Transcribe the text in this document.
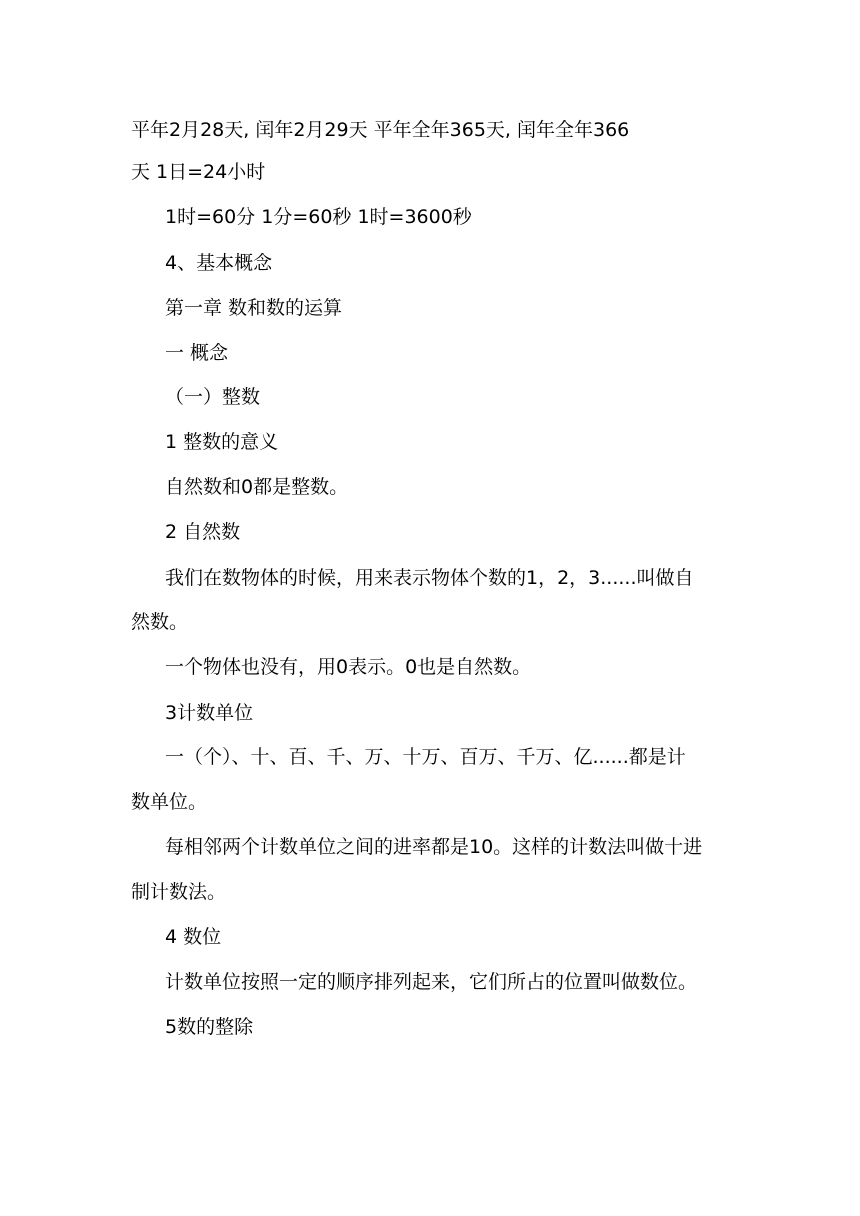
平年2月28天, 闰年2月29天 平年全年365天, 闰年全年366
天 1日=24小时
1时=60分 1分=60秒 1时=3600秒
4、基本概念
第一章 数和数的运算
一 概念
（一）整数
1 整数的意义
自然数和0都是整数。
2 自然数
我们在数物体的时候，用来表示物体个数的1，2，3......叫做自
然数。
一个物体也没有，用0表示。0也是自然数。
3计数单位
一（个）、十、百、千、万、十万、百万、千万、亿......都是计
数单位。
每相邻两个计数单位之间的进率都是10。这样的计数法叫做十进
制计数法。
4 数位
计数单位按照一定的顺序排列起来，它们所占的位置叫做数位。
5数的整除
